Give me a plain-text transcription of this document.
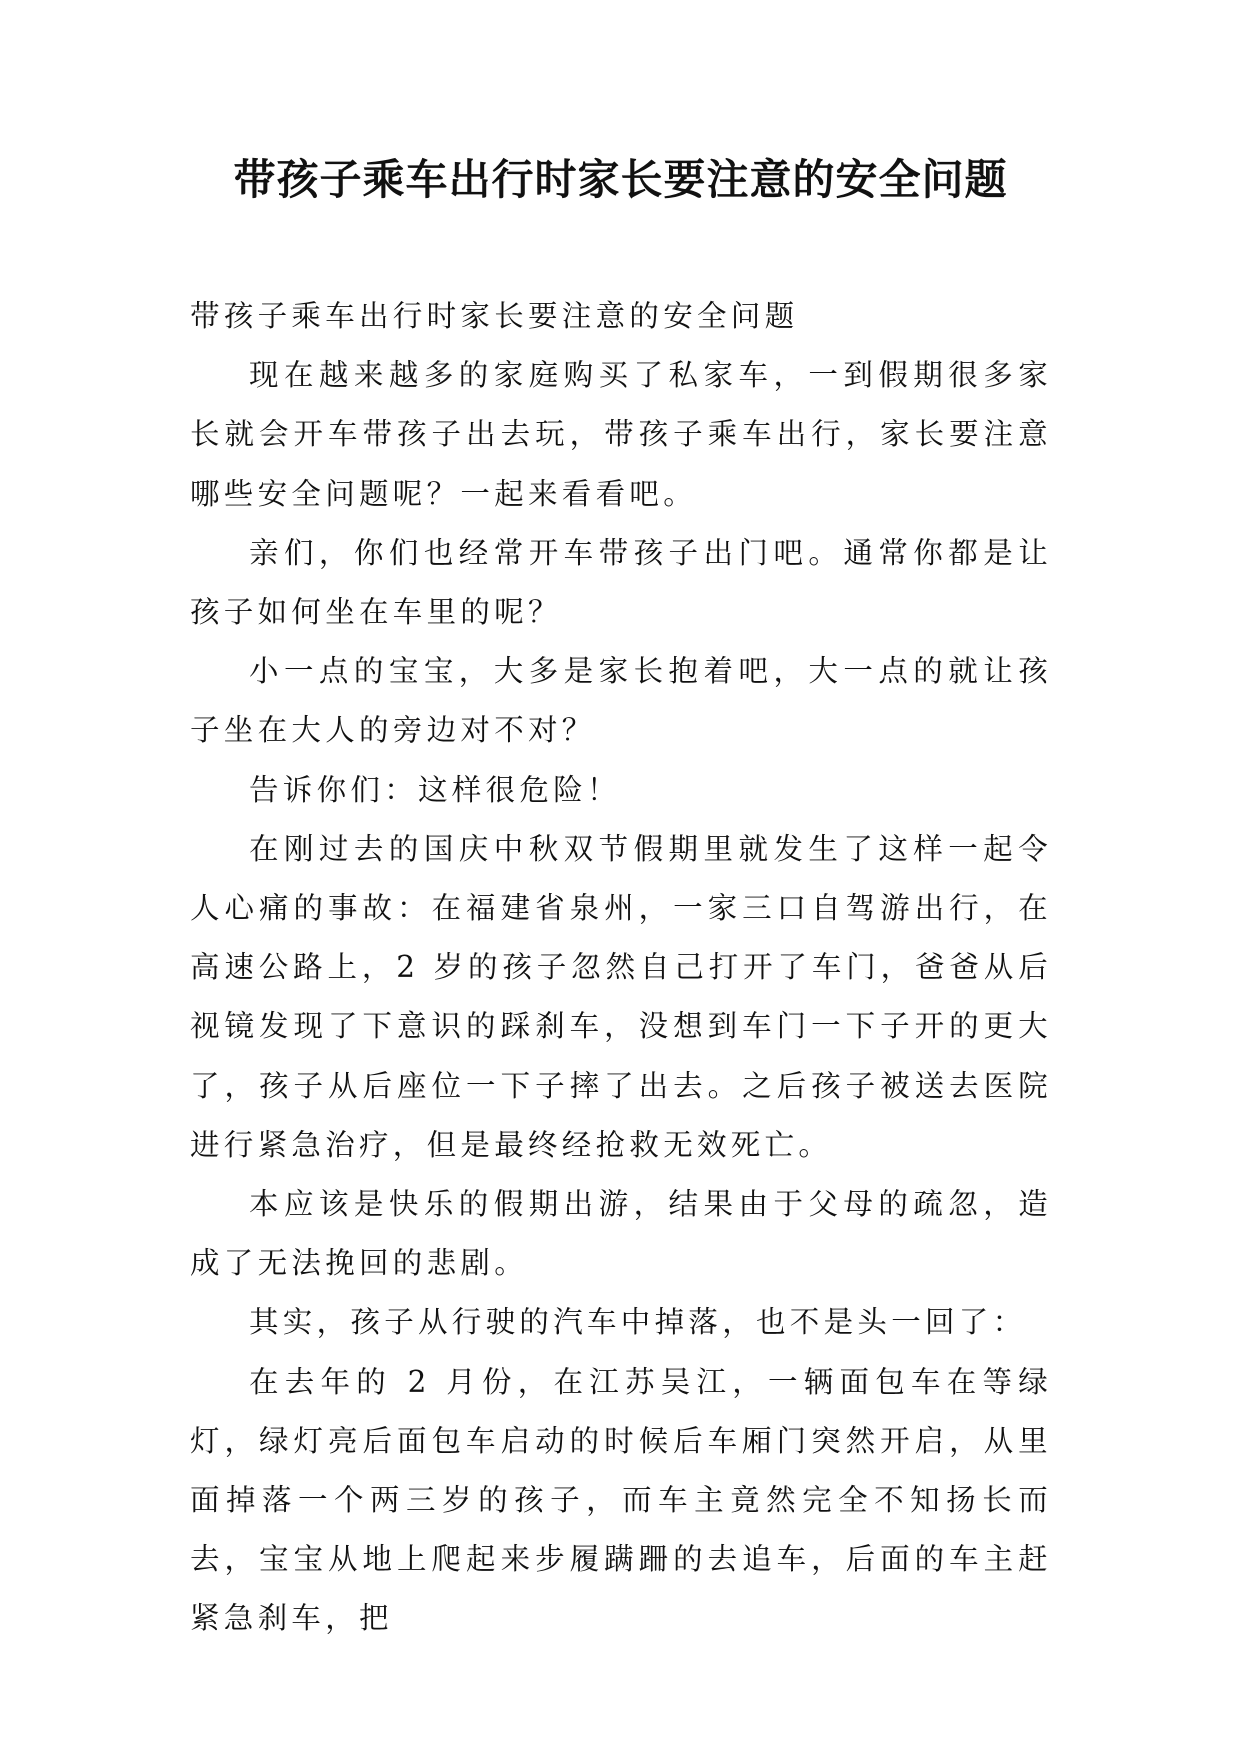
带孩子乘车出行时家长要注意的安全问题

带孩子乘车出行时家长要注意的安全问题

现在越来越多的家庭购买了私家车，一到假期很多家长就会开车带孩子出去玩，带孩子乘车出行，家长要注意哪些安全问题呢？一起来看看吧。

亲们，你们也经常开车带孩子出门吧。通常你都是让孩子如何坐在车里的呢？

小一点的宝宝，大多是家长抱着吧，大一点的就让孩子坐在大人的旁边对不对？

告诉你们：这样很危险！

在刚过去的国庆中秋双节假期里就发生了这样一起令人心痛的事故：在福建省泉州，一家三口自驾游出行，在高速公路上，2 岁的孩子忽然自己打开了车门，爸爸从后视镜发现了下意识的踩刹车，没想到车门一下子开的更大了，孩子从后座位一下子摔了出去。之后孩子被送去医院进行紧急治疗，但是最终经抢救无效死亡。

本应该是快乐的假期出游，结果由于父母的疏忽，造成了无法挽回的悲剧。

其实，孩子从行驶的汽车中掉落，也不是头一回了：

在去年的 2 月份，在江苏吴江，一辆面包车在等绿灯，绿灯亮后面包车启动的时候后车厢门突然开启，从里面掉落一个两三岁的孩子，而车主竟然完全不知扬长而去，宝宝从地上爬起来步履蹒跚的去追车，后面的车主赶紧急刹车，把
